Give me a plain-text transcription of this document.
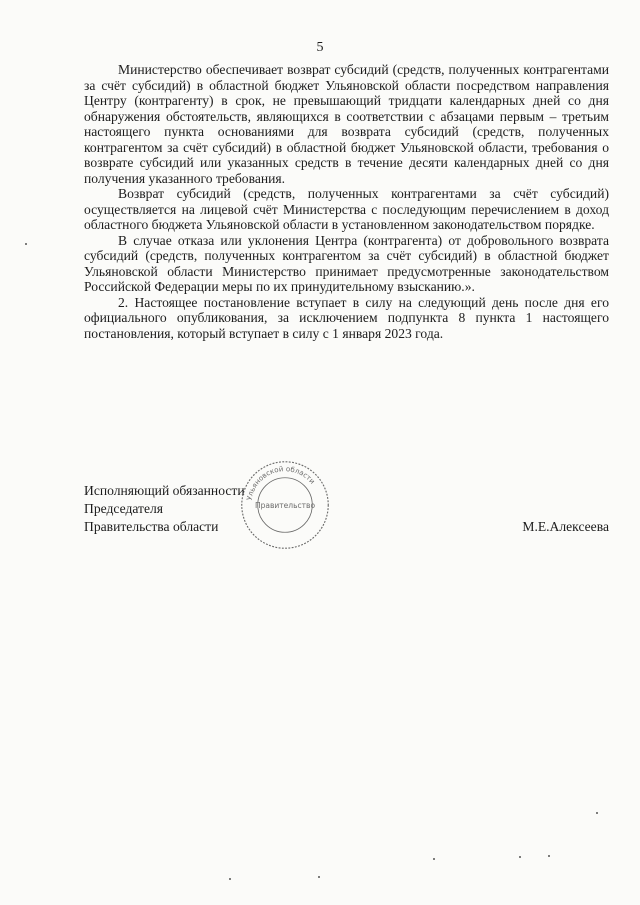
5

Министерство обеспечивает возврат субсидий (средств, полученных контрагентами за счёт субсидий) в областной бюджет Ульяновской области посредством направления Центру (контрагенту) в срок, не превышающий тридцати календарных дней со дня обнаружения обстоятельств, являющихся в соответствии с абзацами первым – третьим настоящего пункта основаниями для возврата субсидий (средств, полученных контрагентом за счёт субсидий) в областной бюджет Ульяновской области, требования о возврате субсидий или указанных средств в течение десяти календарных дней со дня получения указанного требования.

Возврат субсидий (средств, полученных контрагентами за счёт субсидий) осуществляется на лицевой счёт Министерства с последующим перечислением в доход областного бюджета Ульяновской области в установленном законодательством порядке.

В случае отказа или уклонения Центра (контрагента) от добровольного возврата субсидий (средств, полученных контрагентом за счёт субсидий) в областной бюджет Ульяновской области Министерство принимает предусмотренные законодательством Российской Федерации меры по их принудительному взысканию.».

2. Настоящее постановление вступает в силу на следующий день после дня его официального опубликования, за исключением подпункта 8 пункта 1 настоящего постановления, который вступает в силу с 1 января 2023 года.

Исполняющий обязанности
Председателя
Правительства области	М.Е.Алексеева
Ульяновской области
Правительство
